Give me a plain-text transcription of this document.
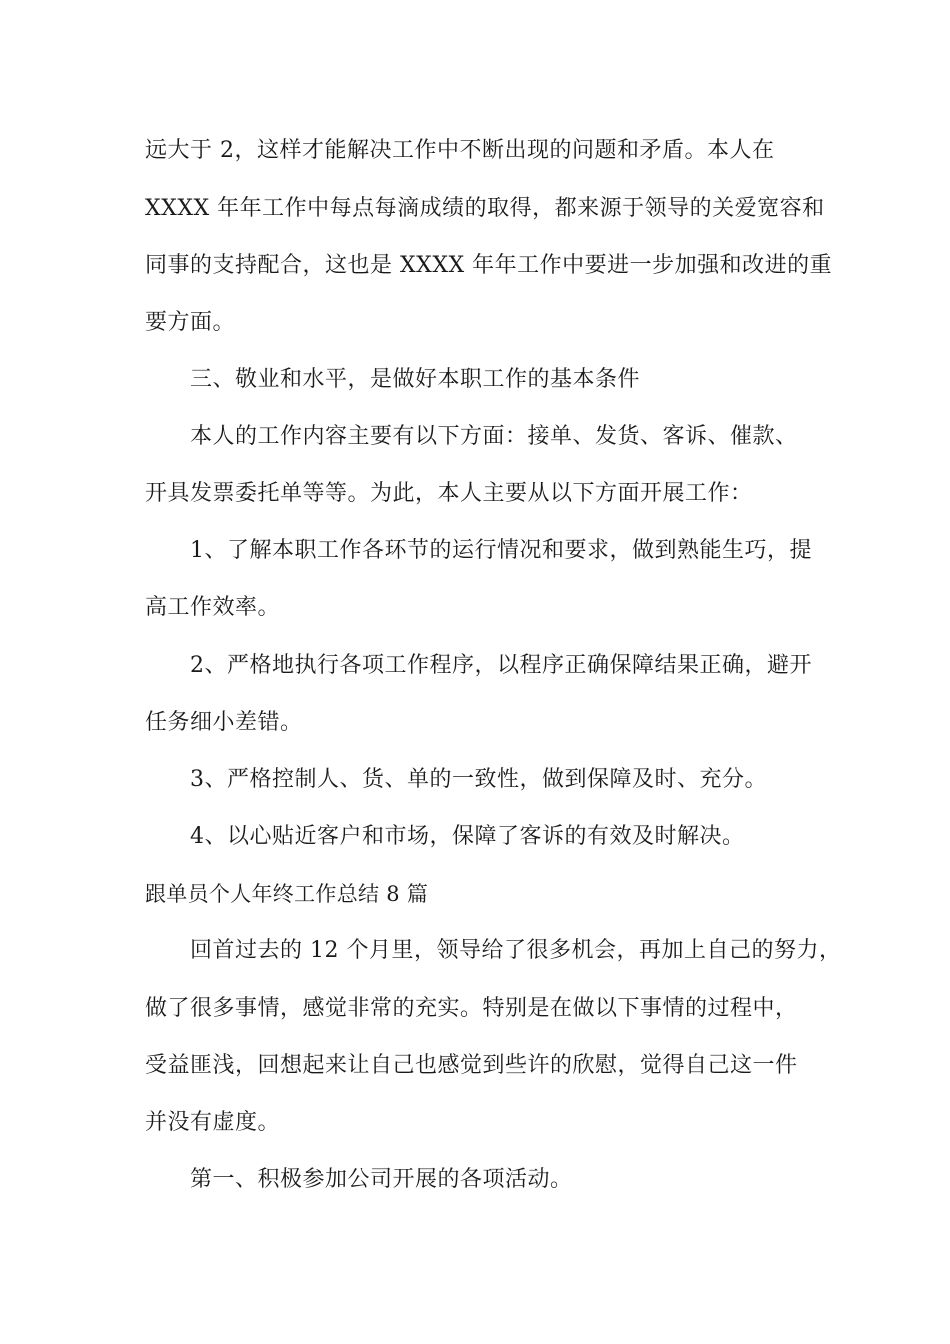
远大于 2，这样才能解决工作中不断出现的问题和矛盾。本人在
XXXX 年年工作中每点每滴成绩的取得，都来源于领导的关爱宽容和
同事的支持配合，这也是 XXXX 年年工作中要进一步加强和改进的重
要方面。
三、敬业和水平，是做好本职工作的基本条件
本人的工作内容主要有以下方面：接单、发货、客诉、催款、
开具发票委托单等等。为此，本人主要从以下方面开展工作：
1、了解本职工作各环节的运行情况和要求，做到熟能生巧，提
高工作效率。
2、严格地执行各项工作程序，以程序正确保障结果正确，避开
任务细小差错。
3、严格控制人、货、单的一致性，做到保障及时、充分。
4、以心贴近客户和市场，保障了客诉的有效及时解决。
跟单员个人年终工作总结 8 篇
回首过去的 12 个月里，领导给了很多机会，再加上自己的努力，
做了很多事情，感觉非常的充实。特别是在做以下事情的过程中，
受益匪浅，回想起来让自己也感觉到些许的欣慰，觉得自己这一件
并没有虚度。
第一、积极参加公司开展的各项活动。
